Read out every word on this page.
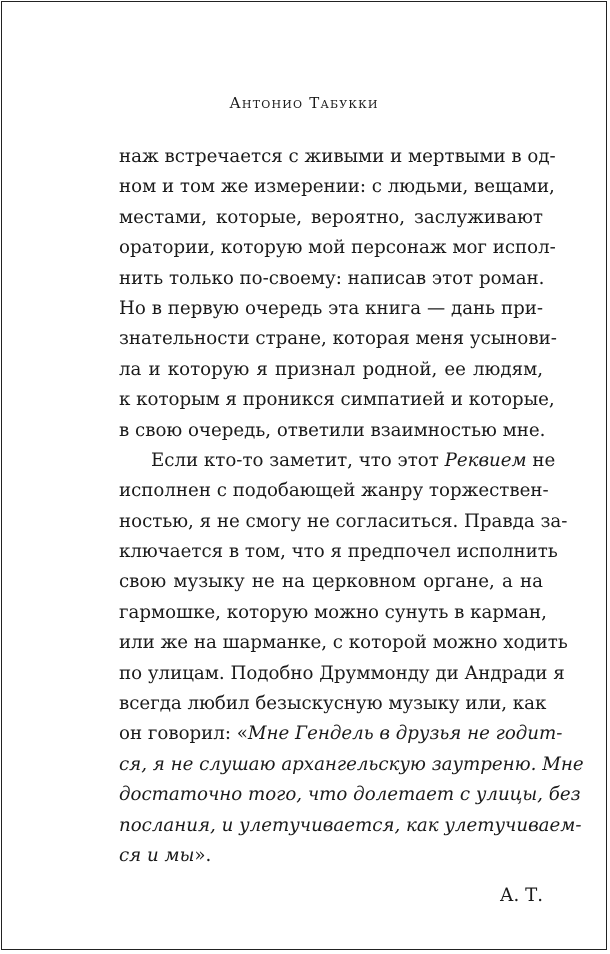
Антонио Табукки
наж встречается с живыми и мертвыми в од-
ном и том же измерении: с людьми, вещами,
местами, которые, вероятно, заслуживают
оратории, которую мой персонаж мог испол-
нить только по-своему: написав этот роман.
Но в первую очередь эта книга — дань при-
знательности стране, которая меня усынови-
ла и которую я признал родной, ее людям,
к которым я проникся симпатией и которые,
в свою очередь, ответили взаимностью мне.
Если кто-то заметит, что этот Реквием не
исполнен с подобающей жанру торжествен-
ностью, я не смогу не согласиться. Правда за-
ключается в том, что я предпочел исполнить
свою музыку не на церковном органе, а на
гармошке, которую можно сунуть в карман,
или же на шарманке, с которой можно ходить
по улицам. Подобно Друммонду ди Андради я
всегда любил безыскусную музыку или, как
он говорил: «Мне Гендель в друзья не годит-
ся, я не слушаю архангельскую заутреню. Мне
достаточно того, что долетает с улицы, без
послания, и улетучивается, как улетучиваем-
ся и мы».
А. Т.
